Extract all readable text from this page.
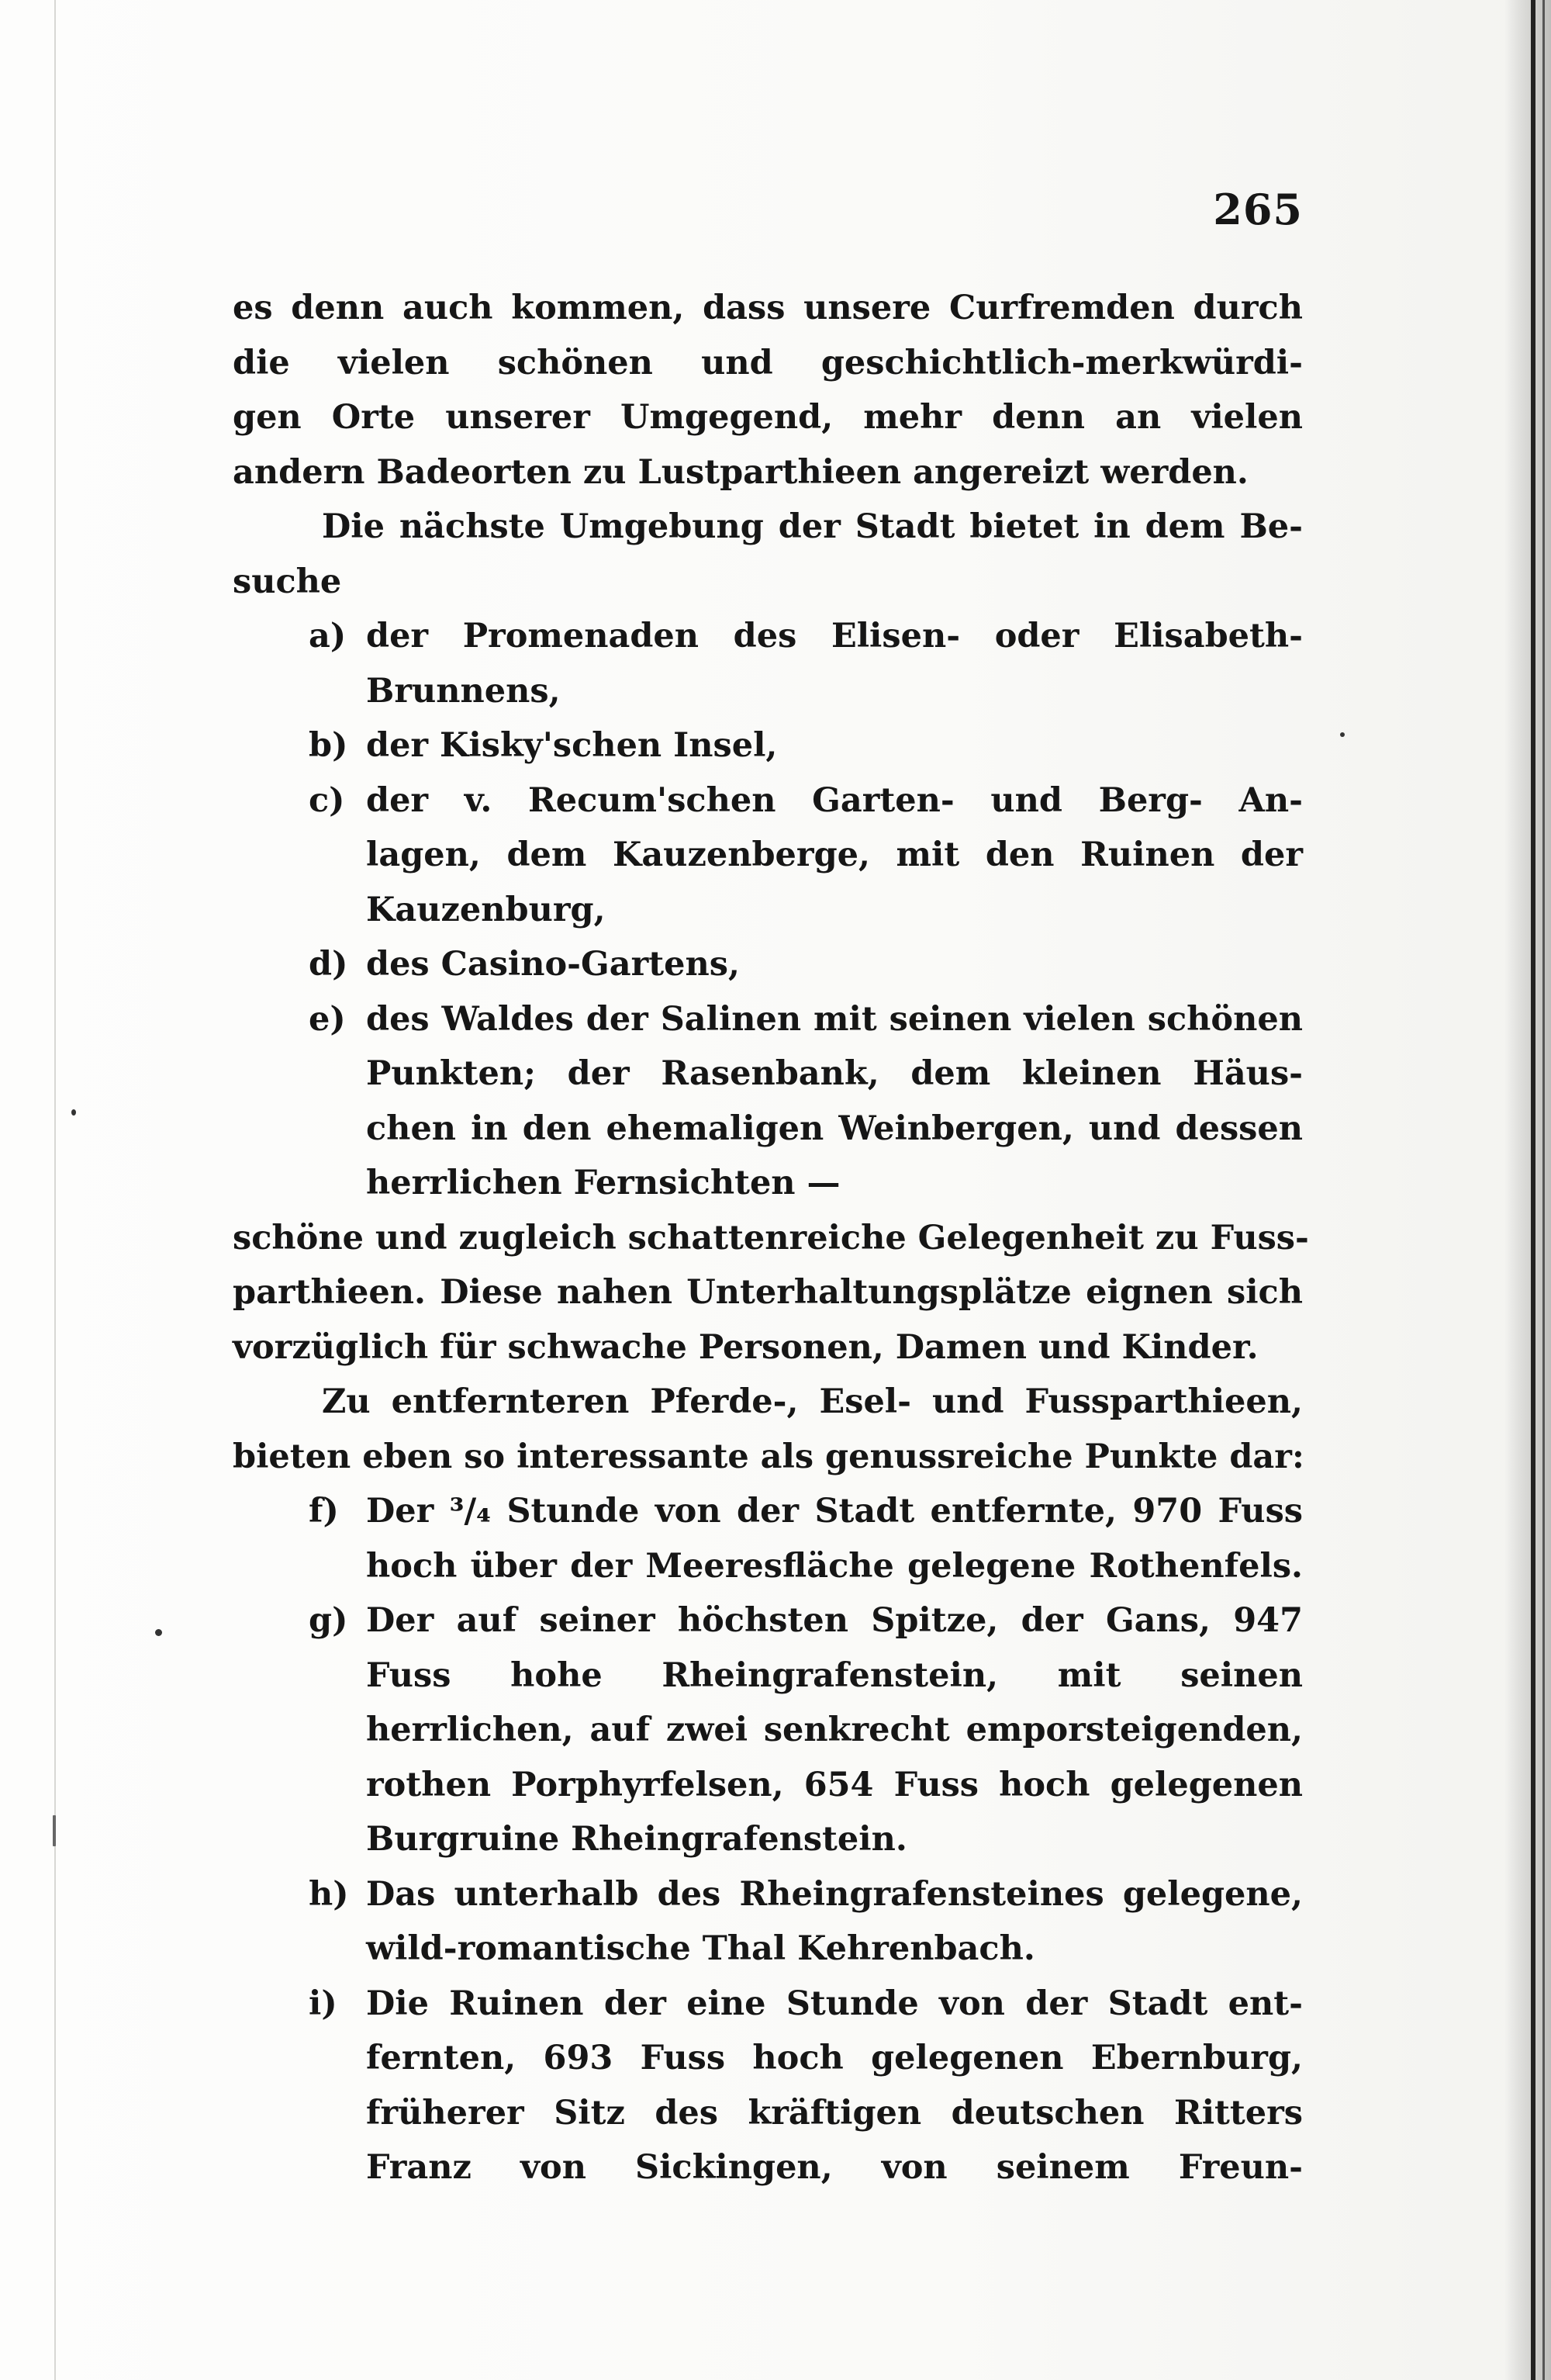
265
es denn auch kommen, dass unsere Curfremden durch
die vielen schönen und geschichtlich-merkwürdi-
gen Orte unserer Umgegend, mehr denn an vielen
andern Badeorten zu Lustparthieen angereizt werden.
Die nächste Umgebung der Stadt bietet in dem Be-
suche
a) der Promenaden des Elisen- oder Elisabeth-
Brunnens,
b) der Kisky'schen Insel,
c) der v. Recum'schen Garten- und Berg- An-
lagen, dem Kauzenberge, mit den Ruinen der
Kauzenburg,
d) des Casino-Gartens,
e) des Waldes der Salinen mit seinen vielen schönen
Punkten; der Rasenbank, dem kleinen Häus-
chen in den ehemaligen Weinbergen, und dessen
herrlichen Fernsichten —
schöne und zugleich schattenreiche Gelegenheit zu Fuss-
parthieen. Diese nahen Unterhaltungsplätze eignen sich
vorzüglich für schwache Personen, Damen und Kinder.
Zu entfernteren Pferde-, Esel- und Fussparthieen,
bieten eben so interessante als genussreiche Punkte dar:
f) Der ³/₄ Stunde von der Stadt entfernte, 970 Fuss
hoch über der Meeresfläche gelegene Rothenfels.
g) Der auf seiner höchsten Spitze, der Gans, 947
Fuss hohe Rheingrafenstein, mit seinen
herrlichen, auf zwei senkrecht emporsteigenden,
rothen Porphyrfelsen, 654 Fuss hoch gelegenen
Burgruine Rheingrafenstein.
h) Das unterhalb des Rheingrafensteines gelegene,
wild-romantische Thal Kehrenbach.
i) Die Ruinen der eine Stunde von der Stadt ent-
fernten, 693 Fuss hoch gelegenen Ebernburg,
früherer Sitz des kräftigen deutschen Ritters
Franz von Sickingen, von seinem Freun-
